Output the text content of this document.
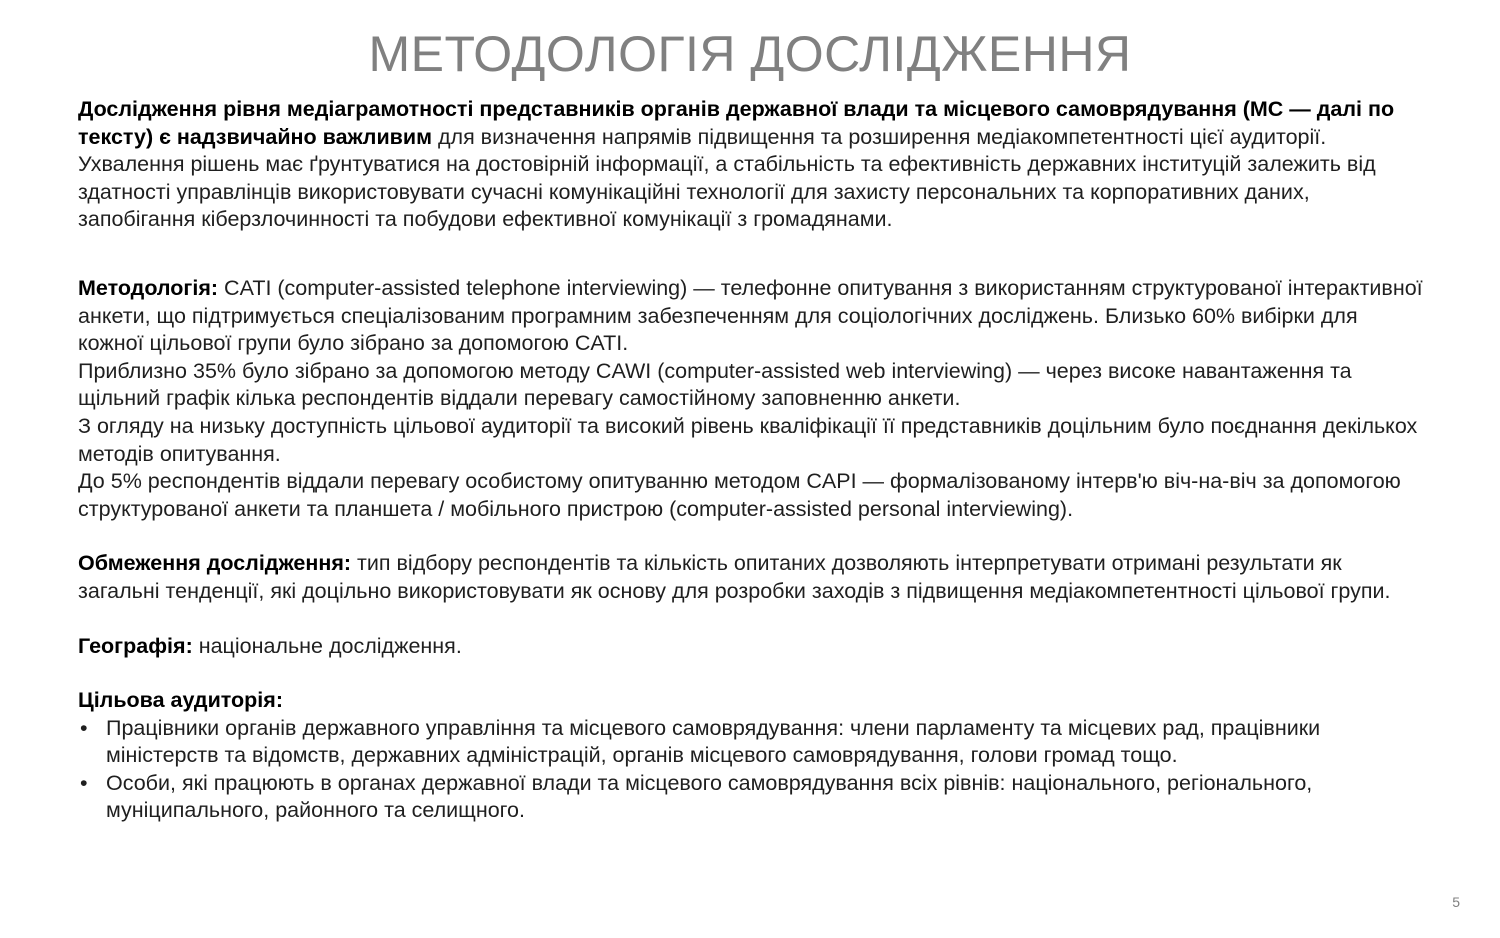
МЕТОДОЛОГІЯ ДОСЛІДЖЕННЯ

Дослідження рівня медіаграмотності представників органів державної влади та місцевого самоврядування (МС — далі по тексту) є надзвичайно важливим для визначення напрямів підвищення та розширення медіакомпетентності цієї аудиторії. Ухвалення рішень має ґрунтуватися на достовірній інформації, а стабільність та ефективність державних інституцій залежить від здатності управлінців використовувати сучасні комунікаційні технології для захисту персональних та корпоративних даних, запобігання кіберзлочинності та побудови ефективної комунікації з громадянами.

Методологія: CATI (computer-assisted telephone interviewing) — телефонне опитування з використанням структурованої інтерактивної анкети, що підтримується спеціалізованим програмним забезпеченням для соціологічних досліджень. Близько 60% вибірки для кожної цільової групи було зібрано за допомогою CATI.

Приблизно 35% було зібрано за допомогою методу CAWI (computer-assisted web interviewing) — через високе навантаження та щільний графік кілька респондентів віддали перевагу самостійному заповненню анкети.

З огляду на низьку доступність цільової аудиторії та високий рівень кваліфікації її представників доцільним було поєднання декількох методів опитування.

До 5% респондентів віддали перевагу особистому опитуванню методом CAPI — формалізованому інтерв'ю віч-на-віч за допомогою структурованої анкети та планшета / мобільного пристрою (computer-assisted personal interviewing).

Обмеження дослідження: тип відбору респондентів та кількість опитаних дозволяють інтерпретувати отримані результати як загальні тенденції, які доцільно використовувати як основу для розробки заходів з підвищення медіакомпетентності цільової групи.

Географія: національне дослідження.

Цільова аудиторія:

• Працівники органів державного управління та місцевого самоврядування: члени парламенту та місцевих рад, працівники міністерств та відомств, державних адміністрацій, органів місцевого самоврядування, голови громад тощо.
• Особи, які працюють в органах державної влади та місцевого самоврядування всіх рівнів: національного, регіонального, муніципального, районного та селищного.
5
